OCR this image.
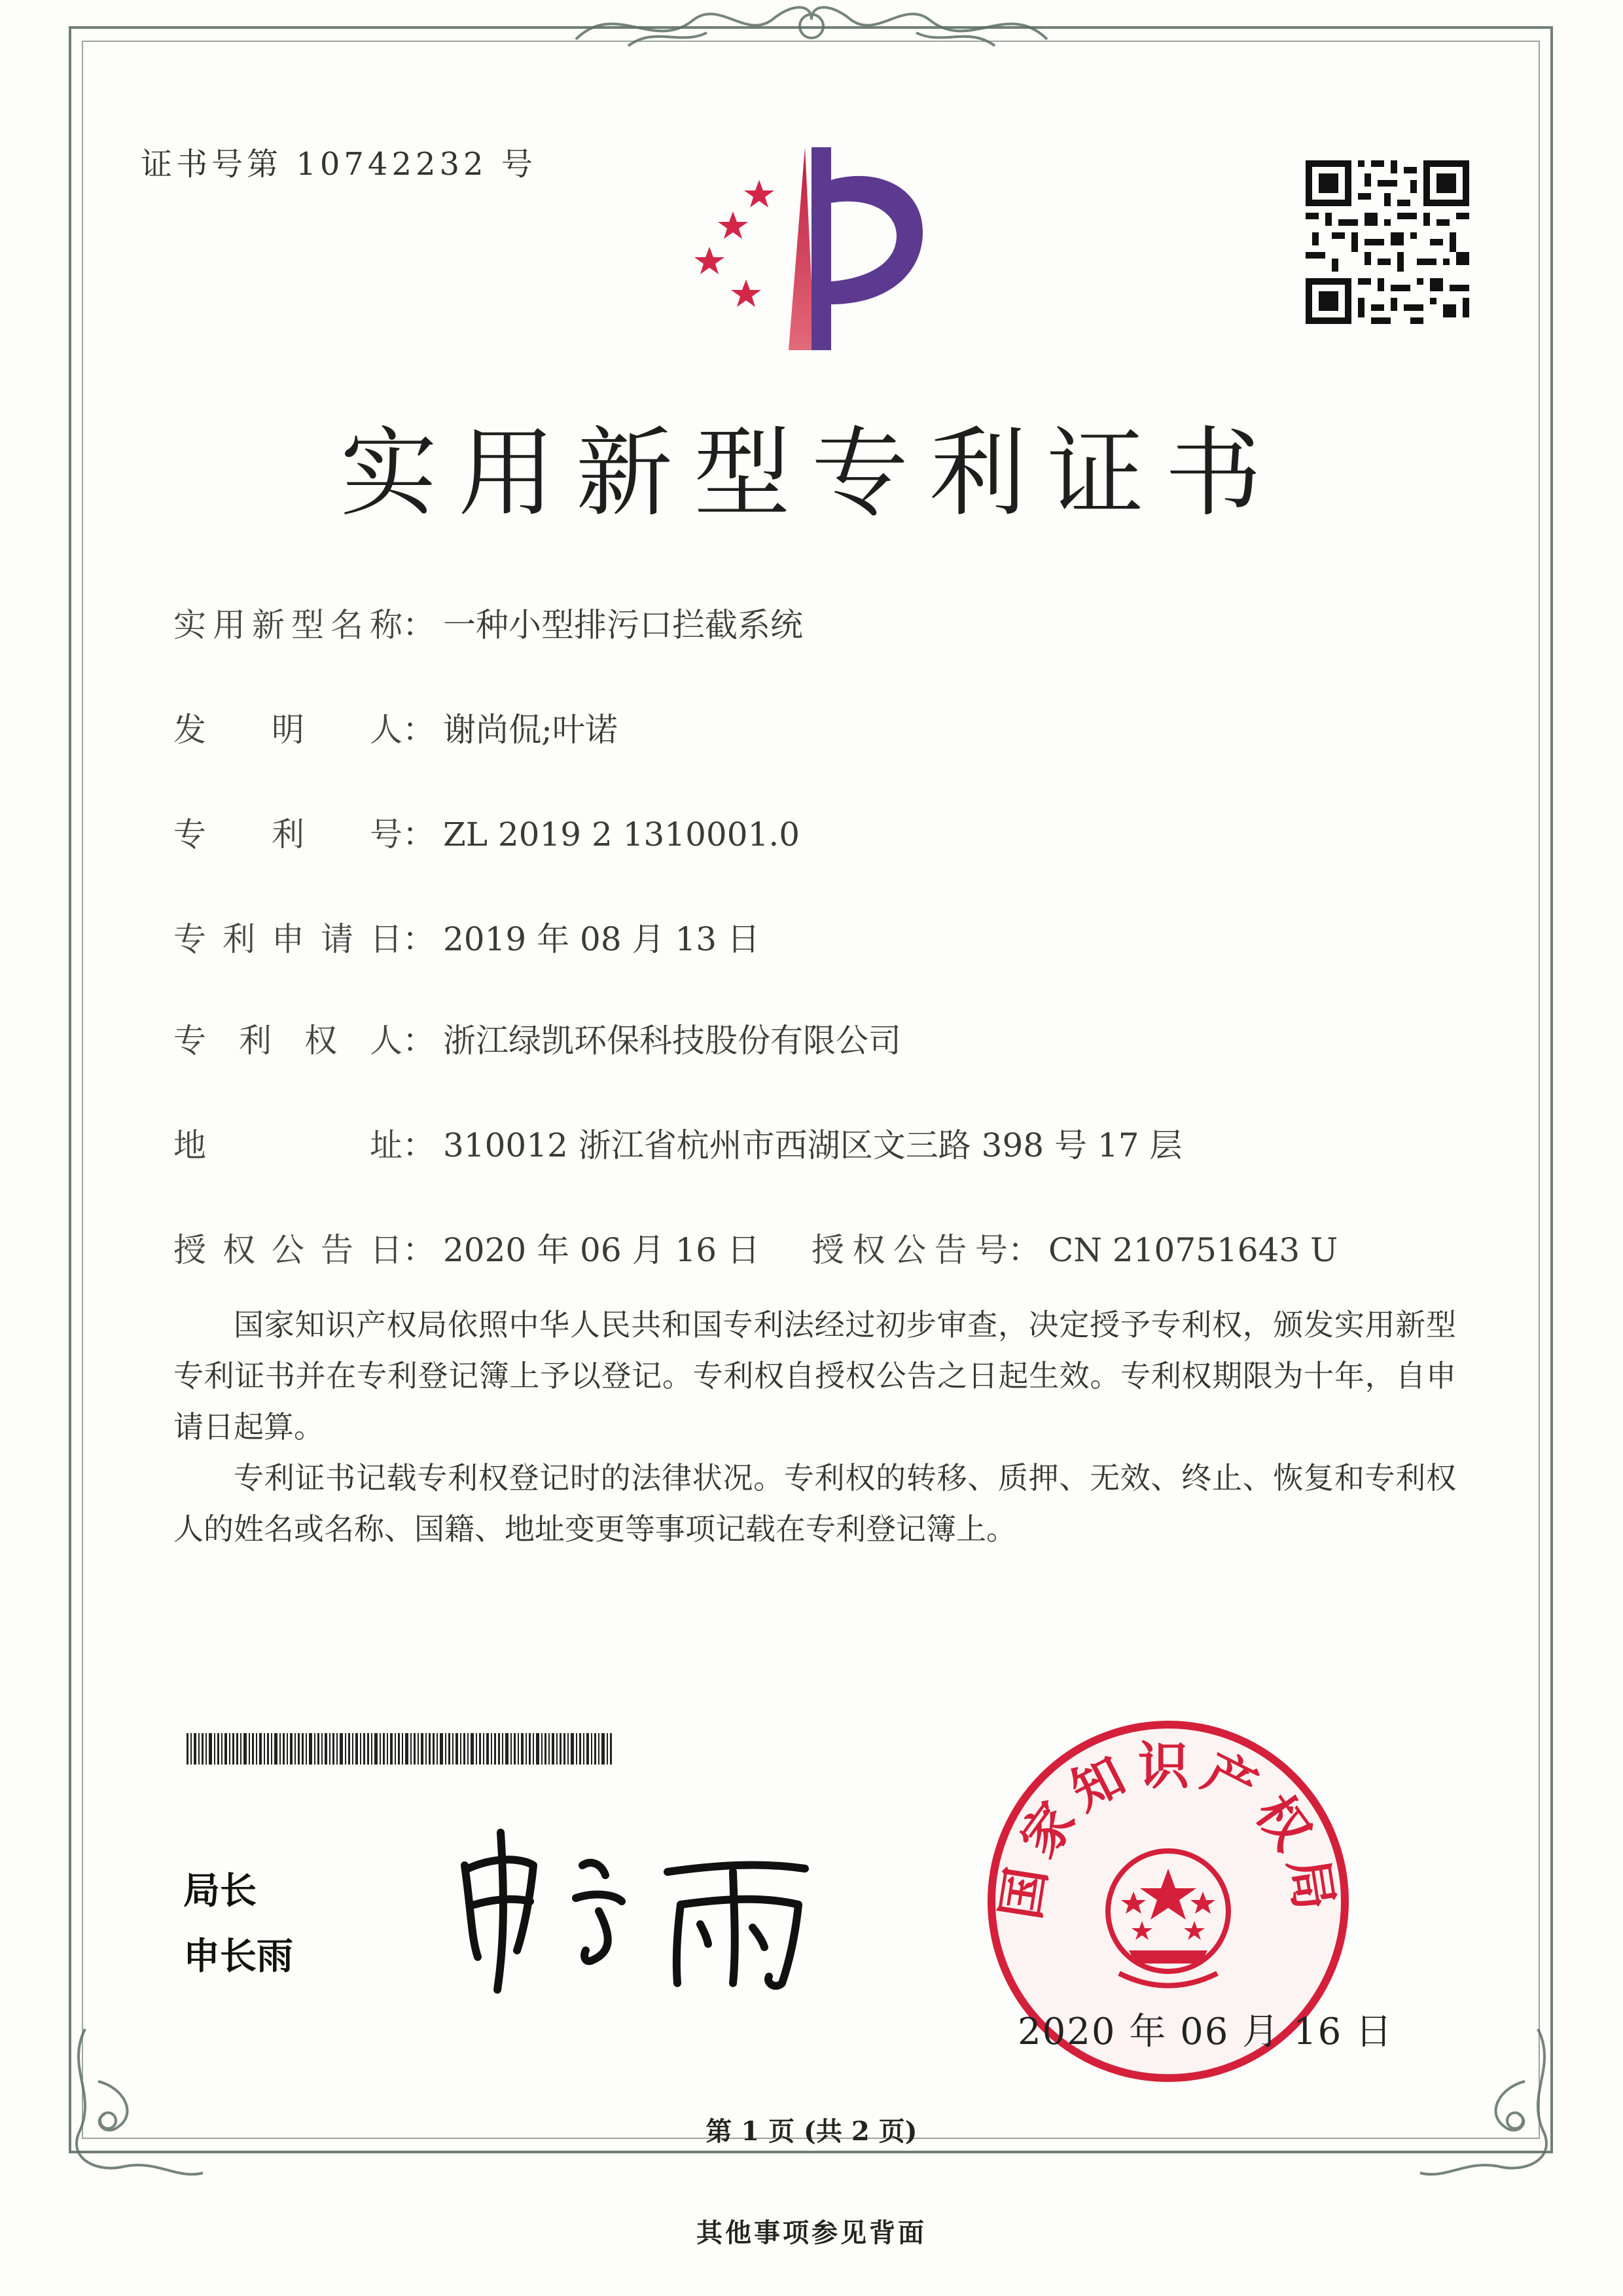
证书号第 10742232 号
实用新型专利证书
实用新型名称： 一种小型排污口拦截系统
发明人： 谢尚侃;叶诺
专利号： ZL 2019 2 1310001.0
专利申请日： 2019 年 08 月 13 日
专利权人： 浙江绿凯环保科技股份有限公司
地址： 310012 浙江省杭州市西湖区文三路 398 号 17 层
授权公告日： 2020 年 06 月 16 日 授权公告号： CN 210751643 U

国家知识产权局依照中华人民共和国专利法经过初步审查，决定授予专利权，颁发实用新型专利证书并在专利登记簿上予以登记。专利权自授权公告之日起生效。专利权期限为十年，自申请日起算。

专利证书记载专利权登记时的法律状况。专利权的转移、质押、无效、终止、恢复和专利权人的姓名或名称、国籍、地址变更等事项记载在专利登记簿上。

局长
申长雨
国家知识产权局
2020 年 06 月 16 日
第 1 页 (共 2 页)
其他事项参见背面
